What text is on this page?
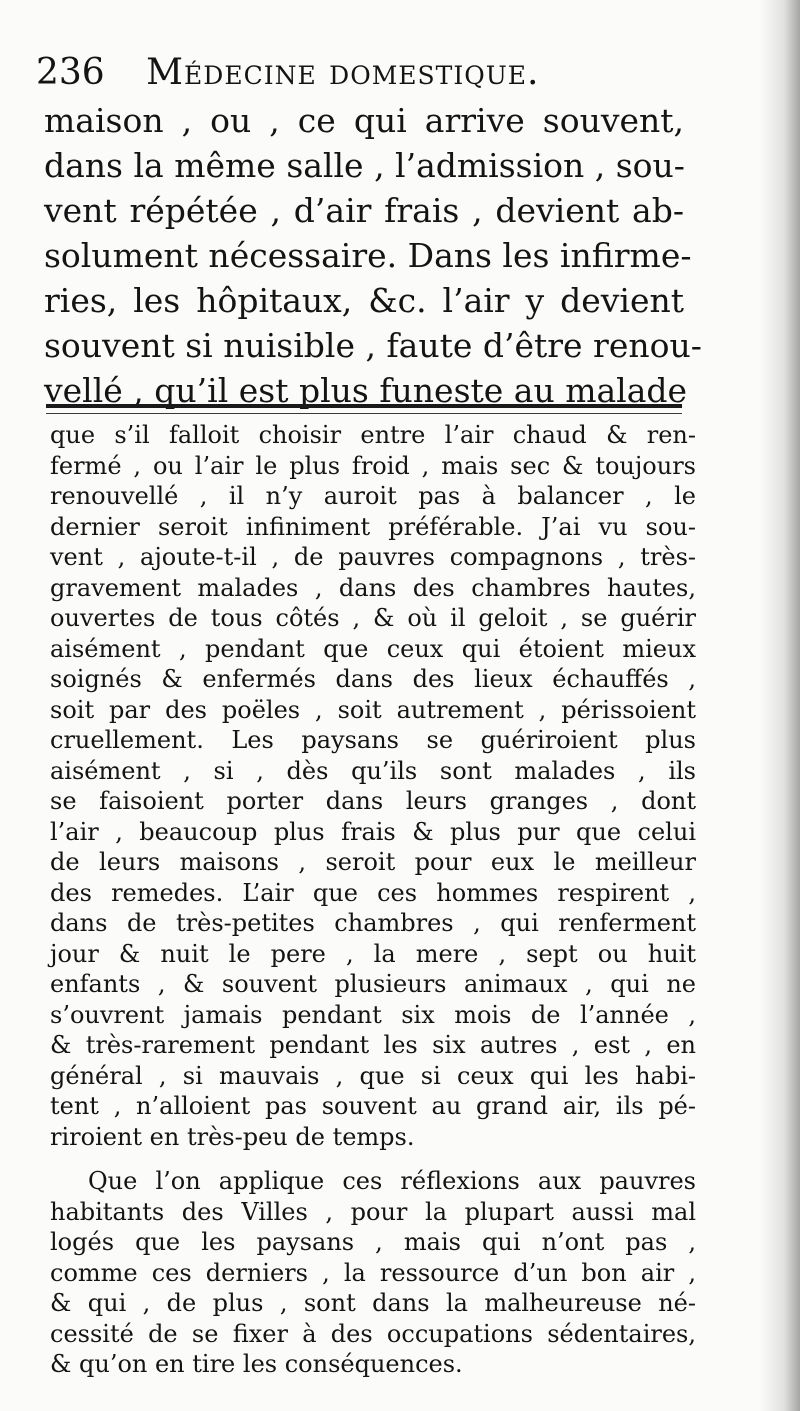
236 Médecine domestique.
maison , ou , ce qui arrive souvent,
dans la même salle , l’admission , sou-
vent répétée , d’air frais , devient ab-
solument nécessaire. Dans les infirme-
ries, les hôpitaux, &c. l’air y devient
souvent si nuisible , faute d’être renou-
vellé , qu’il est plus funeste au malade
que s’il falloit choisir entre l’air chaud & ren-
fermé , ou l’air le plus froid , mais sec & toujours
renouvellé , il n’y auroit pas à balancer , le
dernier seroit infiniment préférable. J’ai vu sou-
vent , ajoute-t-il , de pauvres compagnons , très-
gravement malades , dans des chambres hautes,
ouvertes de tous côtés , & où il geloit , se guérir
aisément , pendant que ceux qui étoient mieux
soignés & enfermés dans des lieux échauffés ,
soit par des poëles , soit autrement , périssoient
cruellement. Les paysans se guériroient plus
aisément , si , dès qu’ils sont malades , ils
se faisoient porter dans leurs granges , dont
l’air , beaucoup plus frais & plus pur que celui
de leurs maisons , seroit pour eux le meilleur
des remedes. L’air que ces hommes respirent ,
dans de très-petites chambres , qui renferment
jour & nuit le pere , la mere , sept ou huit
enfants , & souvent plusieurs animaux , qui ne
s’ouvrent jamais pendant six mois de l’année ,
& très-rarement pendant les six autres , est , en
général , si mauvais , que si ceux qui les habi-
tent , n’alloient pas souvent au grand air, ils pé-
riroient en très-peu de temps.
Que l’on applique ces réflexions aux pauvres
habitants des Villes , pour la plupart aussi mal
logés que les paysans , mais qui n’ont pas ,
comme ces derniers , la ressource d’un bon air ,
& qui , de plus , sont dans la malheureuse né-
cessité de se fixer à des occupations sédentaires,
& qu’on en tire les conséquences.
